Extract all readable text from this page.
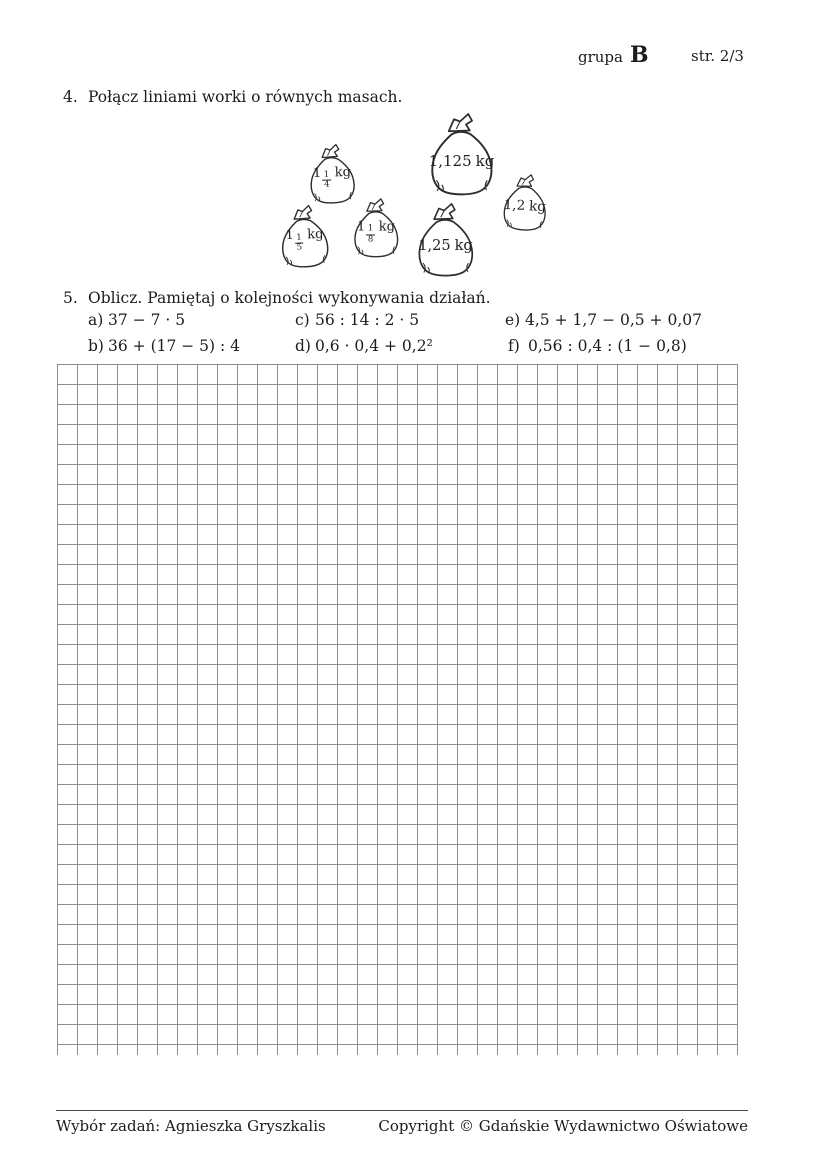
grupa B	str. 2/3
4. Połącz liniami worki o równych masach.
$1 \frac{1}{4}$ kg
1,125 kg
1,2 kg
$1 \frac{1}{5}$ kg
$1 \frac{1}{8}$ kg
1,25 kg
5. Oblicz. Pamiętaj o kolejności wykonywania działań.
a) 37 − 7 · 5
b) 36 + (17 − 5) : 4
c) 56 : 14 : 2 · 5
d) 0,6 · 0,4 + 0,2²
e) 4,5 + 1,7 − 0,5 + 0,07
f) 0,56 : 0,4 : (1 − 0,8)
Wybór zadań: Agnieszka Gryszkalis	Copyright © Gdańskie Wydawnictwo Oświatowe
